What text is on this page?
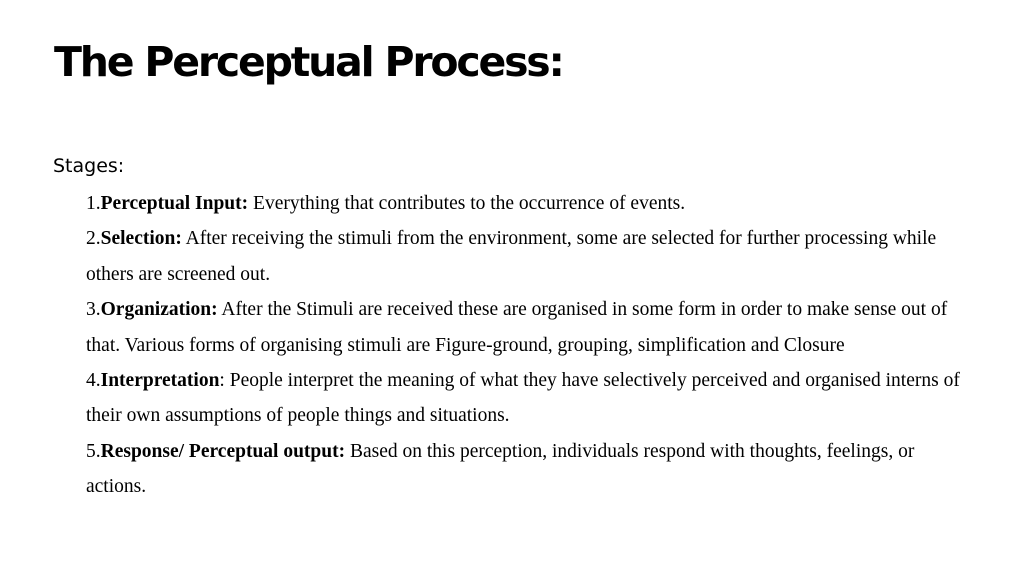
The Perceptual Process:
Stages:
1.Perceptual Input: Everything that contributes to the occurrence of events.
2.Selection: After receiving the stimuli from the environment, some are selected for further processing while others are screened out.
3.Organization: After the Stimuli are received these are organised in some form in order to make sense out of that. Various forms of organising stimuli are Figure-ground, grouping, simplification and Closure
4.Interpretation: People interpret the meaning of what they have selectively perceived and organised interns of their own assumptions of people things and situations.
5.Response/ Perceptual output: Based on this perception, individuals respond with thoughts, feelings, or actions.
